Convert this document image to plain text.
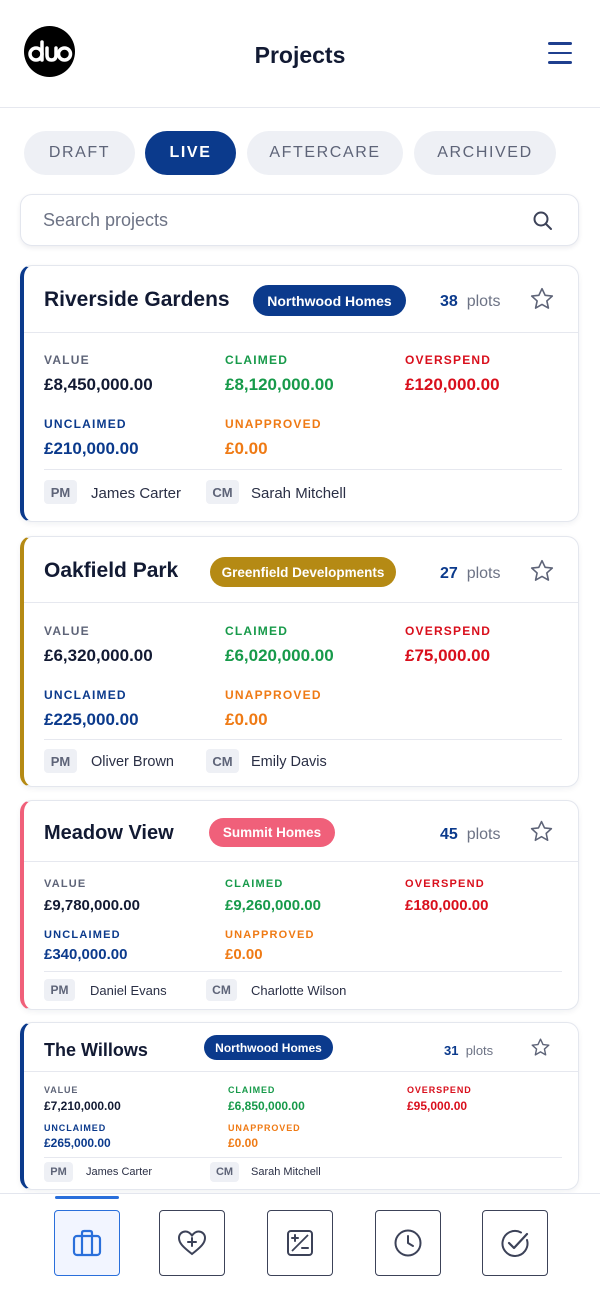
Projects
DRAFT	LIVE	AFTERCARE	ARCHIVED
Search projects
Riverside Gardens	Northwood Homes	38 plots
VALUE
£8,450,000.00
CLAIMED
£8,120,000.00
OVERSPEND
£120,000.00
UNCLAIMED
£210,000.00
UNAPPROVED
£0.00
PM	James Carter	CM	Sarah Mitchell
Oakfield Park	Greenfield Developments	27 plots
VALUE
£6,320,000.00
CLAIMED
£6,020,000.00
OVERSPEND
£75,000.00
UNCLAIMED
£225,000.00
UNAPPROVED
£0.00
PM	Oliver Brown	CM	Emily Davis
Meadow View	Summit Homes	45 plots
VALUE
£9,780,000.00
CLAIMED
£9,260,000.00
OVERSPEND
£180,000.00
UNCLAIMED
£340,000.00
UNAPPROVED
£0.00
PM	Daniel Evans	CM	Charlotte Wilson
The Willows	Northwood Homes	31 plots
VALUE
£7,210,000.00
CLAIMED
£6,850,000.00
OVERSPEND
£95,000.00
UNCLAIMED
£265,000.00
UNAPPROVED
£0.00
PM	James Carter	CM	Sarah Mitchell
